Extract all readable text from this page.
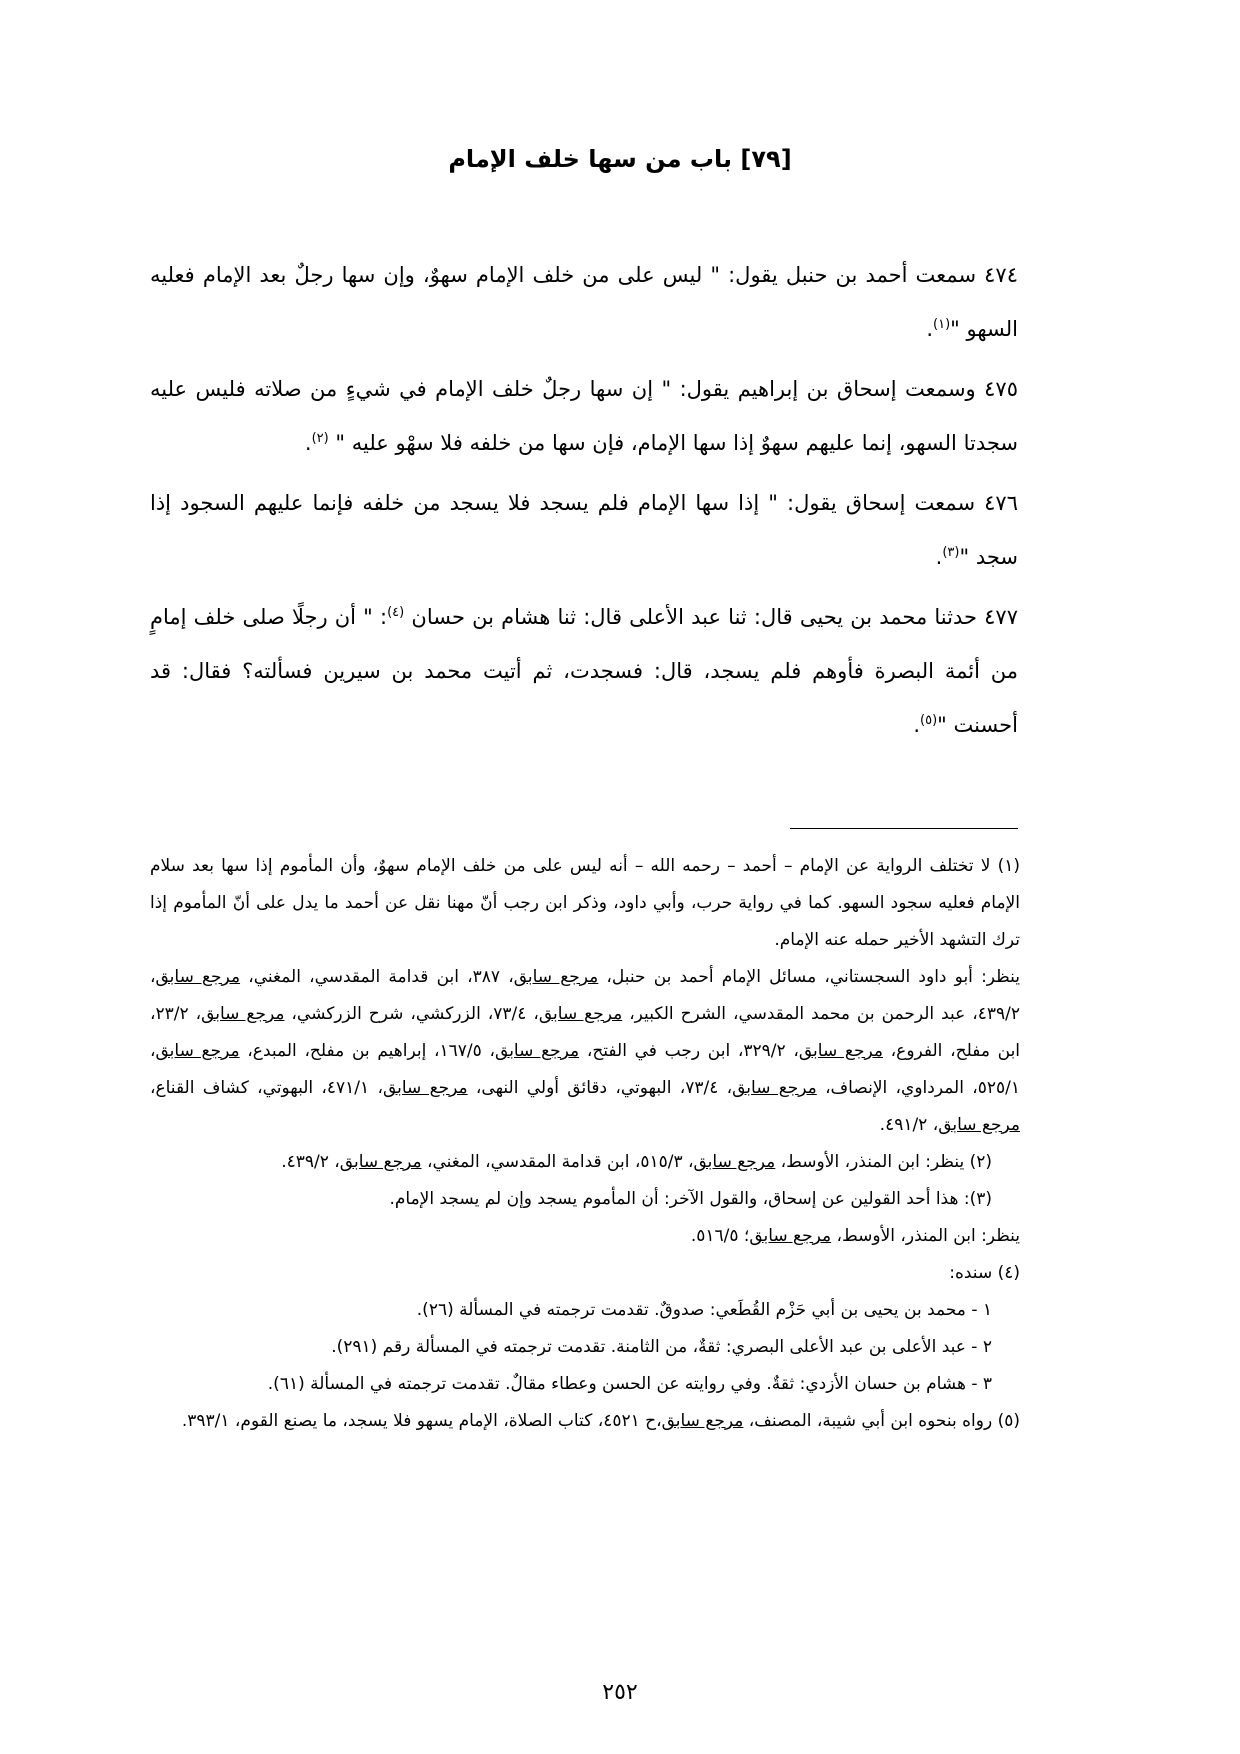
[٧٩] باب من سها خلف الإمام

٤٧٤ سمعت أحمد بن حنبل يقول: " ليس على من خلف الإمام سهوٌ، وإن سها رجلٌ بعد الإمام فعليه السهو "$^{(١)}$.

٤٧٥ وسمعت إسحاق بن إبراهيم يقول: " إن سها رجلٌ خلف الإمام في شيءٍ من صلاته فليس عليه سجدتا السهو، إنما عليهم سهوٌ إذا سها الإمام، فإن سها من خلفه فلا سهْو عليه " $^{(٢)}$.

٤٧٦ سمعت إسحاق يقول: " إذا سها الإمام فلم يسجد فلا يسجد من خلفه فإنما عليهم السجود إذا سجد "$^{(٣)}$.

٤٧٧ حدثنا محمد بن يحيى قال: ثنا عبد الأعلى قال: ثنا هشام بن حسان $^{(٤)}$: " أن رجلًا صلى خلف إمامٍ من أئمة البصرة فأوهم فلم يسجد، قال: فسجدت، ثم أتيت محمد بن سيرين فسألته؟ فقال: قد أحسنت "$^{(٥)}$.

(١) لا تختلف الرواية عن الإمام – أحمد – رحمه الله – أنه ليس على من خلف الإمام سهوٌ، وأن المأموم إذا سها بعد سلام الإمام فعليه سجود السهو. كما في رواية حرب، وأبي داود، وذكر ابن رجب أنّ مهنا نقل عن أحمد ما يدل على أنّ المأموم إذا ترك التشهد الأخير حمله عنه الإمام.

ينظر: أبو داود السجستاني، مسائل الإمام أحمد بن حنبل، مرجع سابق، ٣٨٧، ابن قدامة المقدسي، المغني، مرجع سابق، ٤٣٩/٢، عبد الرحمن بن محمد المقدسي، الشرح الكبير، مرجع سابق، ٧٣/٤، الزركشي، شرح الزركشي، مرجع سابق، ٢٣/٢، ابن مفلح، الفروع، مرجع سابق، ٣٢٩/٢، ابن رجب في الفتح، مرجع سابق، ١٦٧/٥، إبراهيم بن مفلح، المبدع، مرجع سابق، ٥٢٥/١، المرداوي، الإنصاف، مرجع سابق، ٧٣/٤، البهوتي، دقائق أولي النهى، مرجع سابق، ٤٧١/١، البهوتي، كشاف القناع، مرجع سابق، ٤٩١/٢.

(٢) ينظر: ابن المنذر، الأوسط، مرجع سابق، ٥١٥/٣، ابن قدامة المقدسي، المغني، مرجع سابق، ٤٣٩/٢.

(٣): هذا أحد القولين عن إسحاق، والقول الآخر: أن المأموم يسجد وإن لم يسجد الإمام.

ينظر: ابن المنذر، الأوسط، مرجع سابق؛ ٥١٦/٥.

(٤) سنده:

١ - محمد بن يحيى بن أبي حَزْم القُطَعي: صدوقٌ. تقدمت ترجمته في المسألة (٢٦).

٢ - عبد الأعلى بن عبد الأعلى البصري: ثقةٌ، من الثامنة. تقدمت ترجمته في المسألة رقم (٢٩١).

٣ - هشام بن حسان الأزدي: ثقةٌ. وفي روايته عن الحسن وعطاء مقالٌ. تقدمت ترجمته في المسألة (٦١).

(٥) رواه بنحوه ابن أبي شيبة، المصنف، مرجع سابق،ح ٤٥٢١، كتاب الصلاة، الإمام يسهو فلا يسجد، ما يصنع القوم، ٣٩٣/١.

٢٥٢
